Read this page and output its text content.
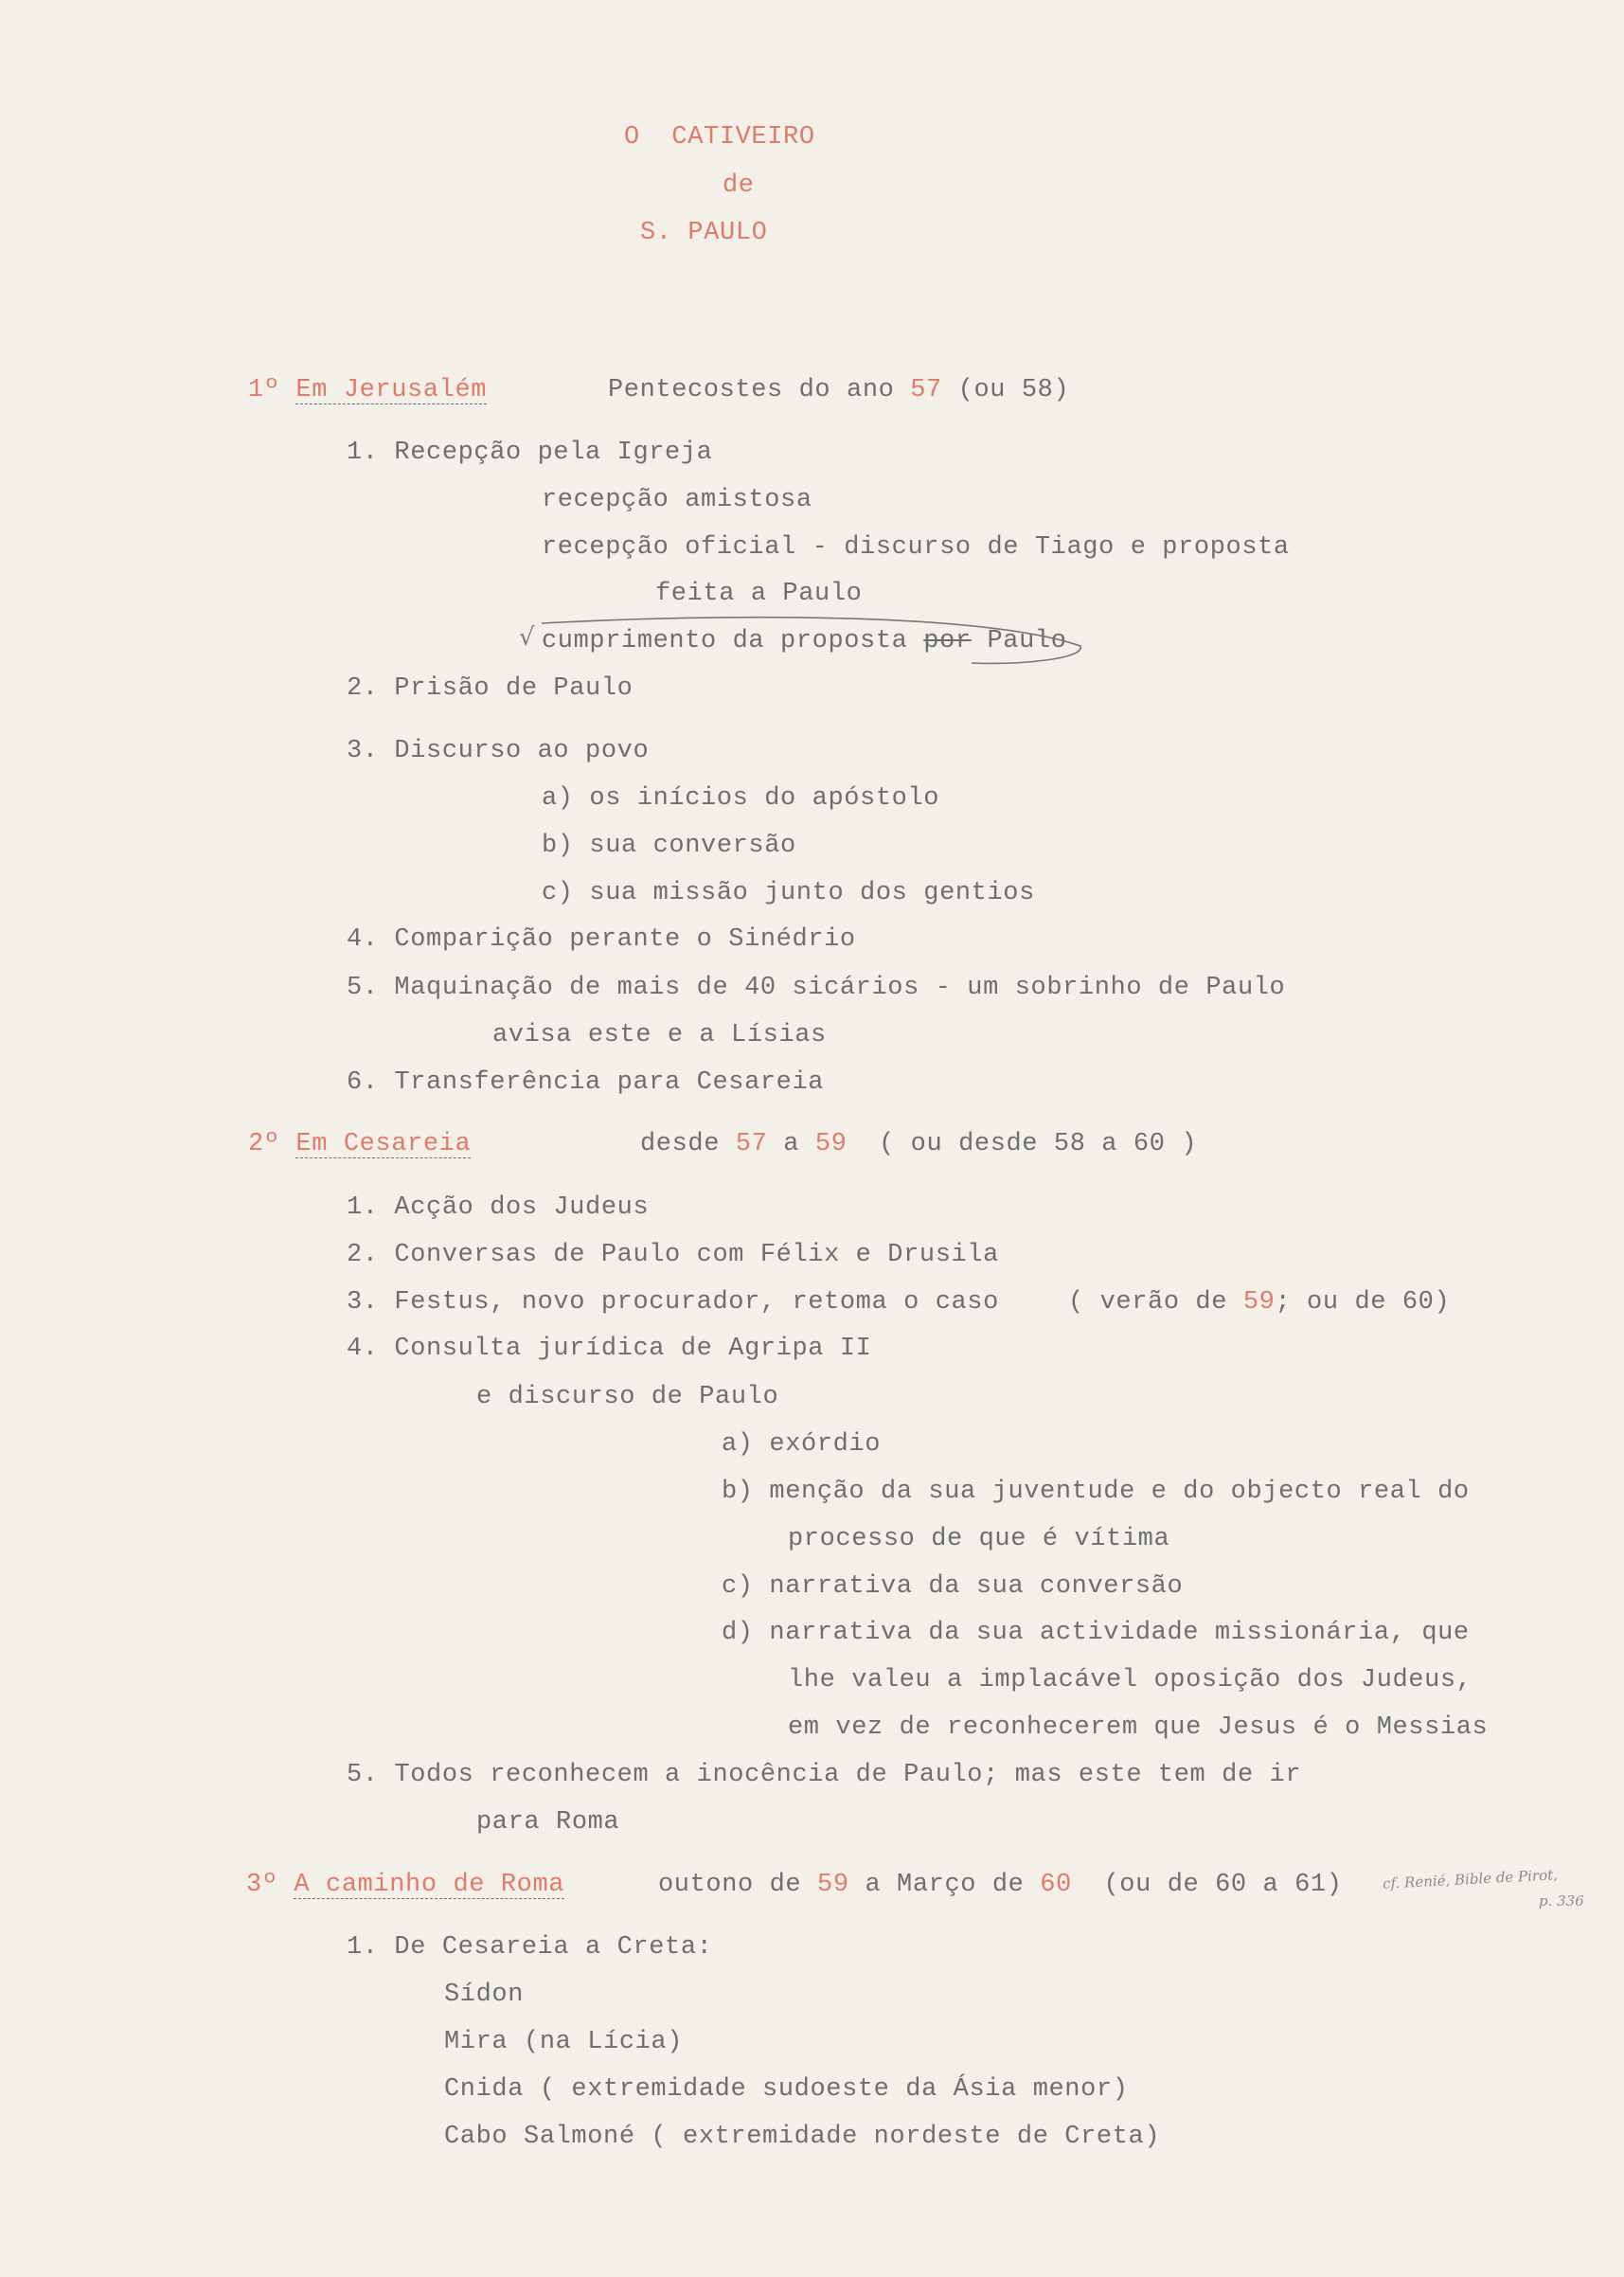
O  CATIVEIRO
de
S. PAULO
1º Em Jerusalém	Pentecostes do ano 57 (ou 58)
1. Recepção pela Igreja
recepção amistosa
recepção oficial - discurso de Tiago e proposta
feita a Paulo
√ cumprimento da proposta por Paulo
2. Prisão de Paulo
3. Discurso ao povo
a) os inícios do apóstolo
b) sua conversão
c) sua missão junto dos gentios
4. Comparição perante o Sinédrio
5. Maquinação de mais de 40 sicários - um sobrinho de Paulo
avisa este e a Lísias
6. Transferência para Cesareia
2º Em Cesareia	desde 57 a 59  ( ou desde 58 a 60 )
1. Acção dos Judeus
2. Conversas de Paulo com Félix e Drusila
3. Festus, novo procurador, retoma o caso	( verão de 59; ou de 60)
4. Consulta jurídica de Agripa II
e discurso de Paulo
a) exórdio
b) menção da sua juventude e do objecto real do
processo de que é vítima
c) narrativa da sua conversão
d) narrativa da sua actividade missionária, que
lhe valeu a implacável oposição dos Judeus,
em vez de reconhecerem que Jesus é o Messias
5. Todos reconhecem a inocência de Paulo; mas este tem de ir
para Roma
3º A caminho de Roma	outono de 59 a Março de 60  (ou de 60 a 61)	cf. Renié, Bible de Pirot,
p. 336
1. De Cesareia a Creta:
Sídon
Mira (na Lícia)
Cnida ( extremidade sudoeste da Ásia menor)
Cabo Salmoné ( extremidade nordeste de Creta)
